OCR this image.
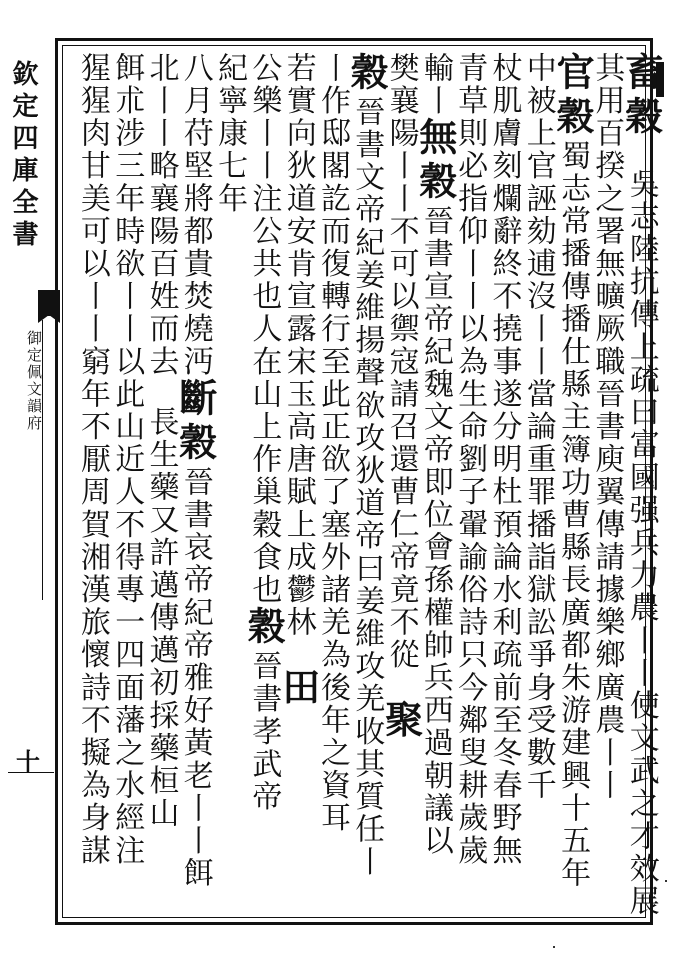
欽定四庫全書
御定佩文韻府
十
畜穀吳志陸抗傳上疏曰富國强兵力農丨丨使文武之才效展
其用百揆之署無曠厥職晉書庾翼傳請據樂鄉廣農丨丨
官穀蜀志常播傳播仕縣主簿功曹縣長廣都朱游建興十五年
中被上官誣劾逋沒丨丨當論重罪播詣獄訟爭身受數千
杖肌膚刻爛辭終不撓事遂分明杜預論水利疏前至冬春野無
青草則必指仰丨丨以為生命劉子翬諭俗詩只今鄰叟耕歲歲
輸丨無穀晉書宣帝紀魏文帝即位會孫權帥兵西過朝議以
樊襄陽丨丨不可以禦寇請召還曹仁帝竟不從聚
穀晉書文帝紀姜維揚聲欲攻狄道帝曰姜維攻羌收其質任丨
丨作邸閣訖而復轉行至此正欲了塞外諸羌為後年之資耳
若實向狄道安肯宣露宋玉高唐賦上成鬱林田
公樂丨丨注公共也人在山上作巢穀食也穀晉書孝武帝
紀寧康七年
八月苻堅將都貴焚燒沔斷穀晉書哀帝紀帝雅好黃老丨丨餌
北丨丨略襄陽百姓而去長生藥又許邁傳邁初採藥桓山
餌朮涉三年時欲丨丨以此山近人不得專一四面藩之水經注
猩猩肉甘美可以丨丨窮年不厭周賀湘漢旅懷詩不擬為身謀
